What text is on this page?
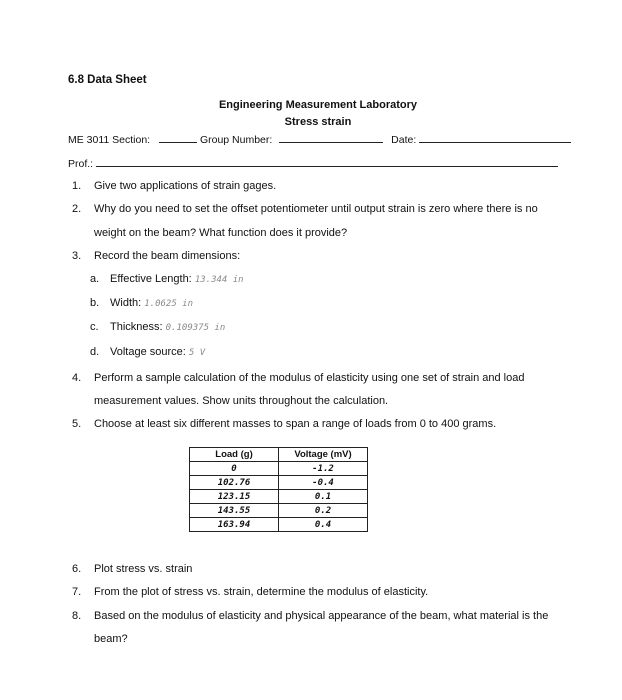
6.8 Data Sheet
Engineering Measurement Laboratory
Stress strain
ME 3011 Section:	Group Number:	Date:
Prof.:
1. Give two applications of strain gages.
2. Why do you need to set the offset potentiometer until output strain is zero where there is no
weight on the beam? What function does it provide?
3. Record the beam dimensions:
a. Effective Length: 13.344 in
b. Width: 1.0625 in
c. Thickness: 0.109375 in
d. Voltage source: 5 V
4. Perform a sample calculation of the modulus of elasticity using one set of strain and load
measurement values. Show units throughout the calculation.
5. Choose at least six different masses to span a range of loads from 0 to 400 grams.
Load (g)	Voltage (mV)
0	-1.2
102.76	-0.4
123.15	0.1
143.55	0.2
163.94	0.4
6. Plot stress vs. strain
7. From the plot of stress vs. strain, determine the modulus of elasticity.
8. Based on the modulus of elasticity and physical appearance of the beam, what material is the
beam?
